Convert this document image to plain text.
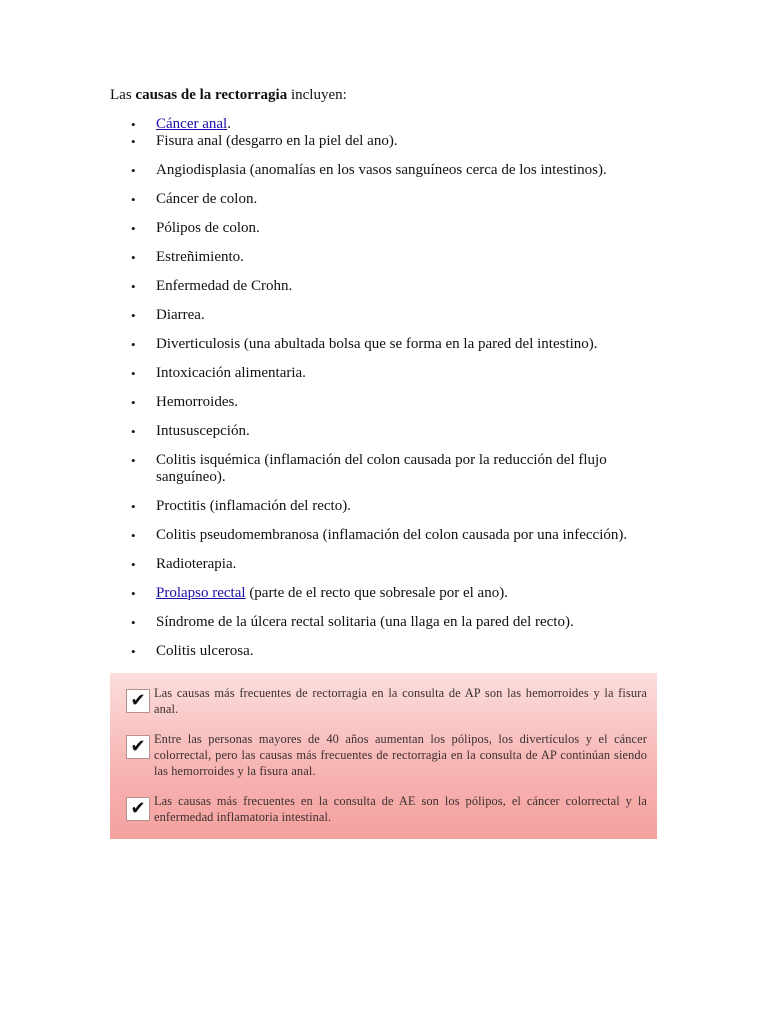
Las causas de la rectorragia incluyen:

• Cáncer anal.
• Fisura anal (desgarro en la piel del ano).
• Angiodisplasia (anomalías en los vasos sanguíneos cerca de los intestinos).
• Cáncer de colon.
• Pólipos de colon.
• Estreñimiento.
• Enfermedad de Crohn.
• Diarrea.
• Diverticulosis (una abultada bolsa que se forma en la pared del intestino).
• Intoxicación alimentaria.
• Hemorroides.
• Intususcepción.
• Colitis isquémica (inflamación del colon causada por la reducción del flujo sanguíneo).
• Proctitis (inflamación del recto).
• Colitis pseudomembranosa (inflamación del colon causada por una infección).
• Radioterapia.
• Prolapso rectal (parte de el recto que sobresale por el ano).
• Síndrome de la úlcera rectal solitaria (una llaga en la pared del recto).
• Colitis ulcerosa.
✔ Las causas más frecuentes de rectorragia en la consulta de AP son las hemorroides y la fisura anal.
✔ Entre las personas mayores de 40 años aumentan los pólipos, los divertículos y el cáncer colorrectal, pero las causas más frecuentes de rectorragia en la consulta de AP continúan siendo las hemorroides y la fisura anal.
✔ Las causas más frecuentes en la consulta de AE son los pólipos, el cáncer colorrectal y la enfermedad inflamatoria intestinal.
